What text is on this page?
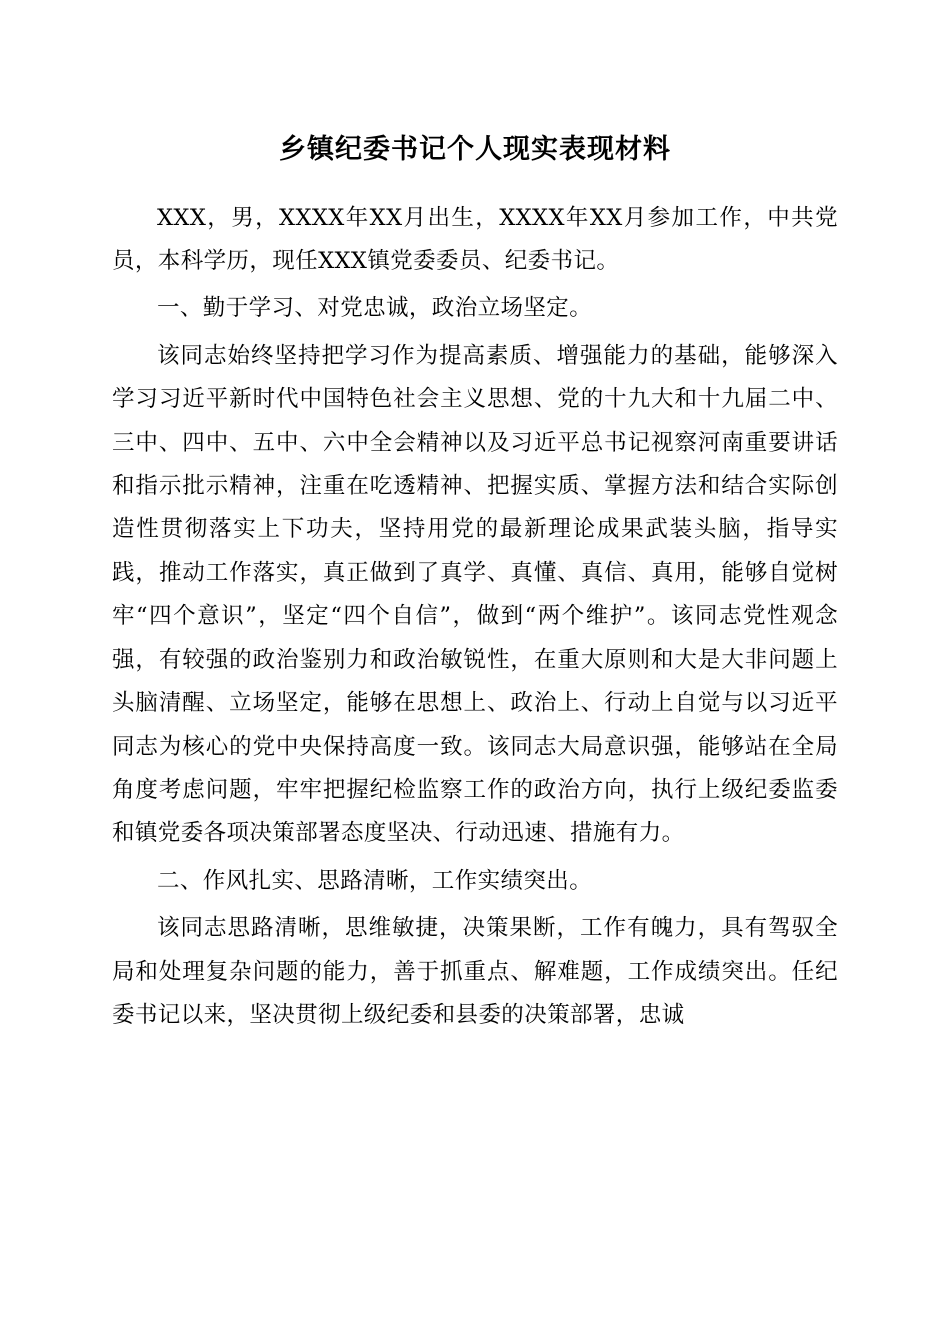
乡镇纪委书记个人现实表现材料

XXX，男，XXXX年XX月出生，XXXX年XX月参加工作，中共党员，本科学历，现任XXX镇党委委员、纪委书记。

一、勤于学习、对党忠诚，政治立场坚定。

该同志始终坚持把学习作为提高素质、增强能力的基础，能够深入学习习近平新时代中国特色社会主义思想、党的十九大和十九届二中、三中、四中、五中、六中全会精神以及习近平总书记视察河南重要讲话和指示批示精神，注重在吃透精神、把握实质、掌握方法和结合实际创造性贯彻落实上下功夫，坚持用党的最新理论成果武装头脑，指导实践，推动工作落实，真正做到了真学、真懂、真信、真用，能够自觉树牢“四个意识”，坚定“四个自信”，做到“两个维护”。该同志党性观念强，有较强的政治鉴别力和政治敏锐性，在重大原则和大是大非问题上头脑清醒、立场坚定，能够在思想上、政治上、行动上自觉与以习近平同志为核心的党中央保持高度一致。该同志大局意识强，能够站在全局角度考虑问题，牢牢把握纪检监察工作的政治方向，执行上级纪委监委和镇党委各项决策部署态度坚决、行动迅速、措施有力。

二、作风扎实、思路清晰，工作实绩突出。

该同志思路清晰，思维敏捷，决策果断，工作有魄力，具有驾驭全局和处理复杂问题的能力，善于抓重点、解难题，工作成绩突出。任纪委书记以来，坚决贯彻上级纪委和县委的决策部署，忠诚
